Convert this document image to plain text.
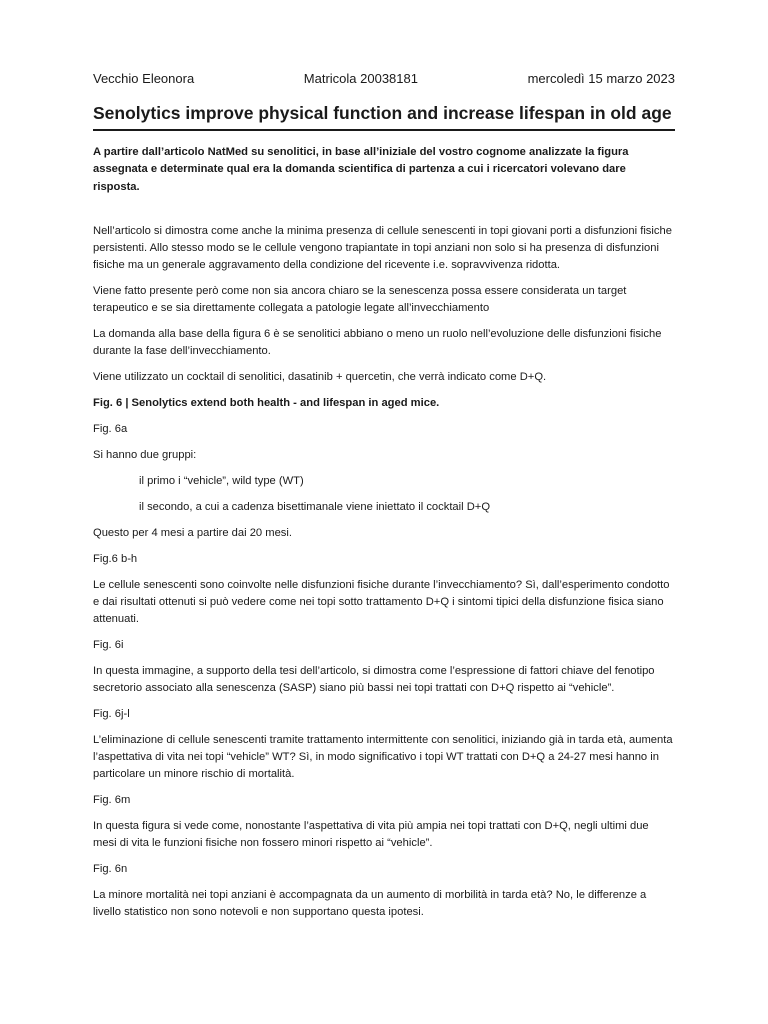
Vecchio Eleonora	Matricola 20038181	mercoledì 15 marzo 2023
Senolytics improve physical function and increase lifespan in old age
A partire dall’articolo NatMed su senolitici, in base all’iniziale del vostro cognome analizzate la figura assegnata e determinate qual era la domanda scientifica di partenza a cui i ricercatori volevano dare risposta.

Nell’articolo si dimostra come anche la minima presenza di cellule senescenti in topi giovani porti a disfunzioni fisiche persistenti. Allo stesso modo se le cellule vengono trapiantate in topi anziani non solo si ha presenza di disfunzioni fisiche ma un generale aggravamento della condizione del ricevente i.e. sopravvivenza ridotta.

Viene fatto presente però come non sia ancora chiaro se la senescenza possa essere considerata un target terapeutico e se sia direttamente collegata a patologie legate all’invecchiamento

La domanda alla base della figura 6 è se senolitici abbiano o meno un ruolo nell’evoluzione delle disfunzioni fisiche durante la fase dell’invecchiamento.

Viene utilizzato un cocktail di senolitici, dasatinib + quercetin, che verrà indicato come D+Q.

Fig. 6 | Senolytics extend both health - and lifespan in aged mice.

Fig. 6a

Si hanno due gruppi:

il primo i “vehicle”, wild type (WT)

il secondo, a cui a cadenza bisettimanale viene iniettato il cocktail D+Q

Questo per 4 mesi a partire dai 20 mesi.

Fig.6 b-h

Le cellule senescenti sono coinvolte nelle disfunzioni fisiche durante l’invecchiamento? Sì, dall’esperimento condotto e dai risultati ottenuti si può vedere come nei topi sotto trattamento D+Q i sintomi tipici della disfunzione fisica siano attenuati.

Fig. 6i

In questa immagine, a supporto della tesi dell’articolo, si dimostra come l’espressione di fattori chiave del fenotipo secretorio associato alla senescenza (SASP) siano più bassi nei topi trattati con D+Q rispetto ai “vehicle”.

Fig. 6j-l

L’eliminazione di cellule senescenti tramite trattamento intermittente con senolitici, iniziando già in tarda età, aumenta l’aspettativa di vita nei topi “vehicle” WT? Sì, in modo significativo i topi WT trattati con D+Q a 24-27 mesi hanno in particolare un minore rischio di mortalità.

Fig. 6m

In questa figura si vede come, nonostante l’aspettativa di vita più ampia nei topi trattati con D+Q, negli ultimi due mesi di vita le funzioni fisiche non fossero minori rispetto ai “vehicle”.

Fig. 6n

La minore mortalità nei topi anziani è accompagnata da un aumento di morbilità in tarda età? No, le differenze a livello statistico non sono notevoli e non supportano questa ipotesi.
